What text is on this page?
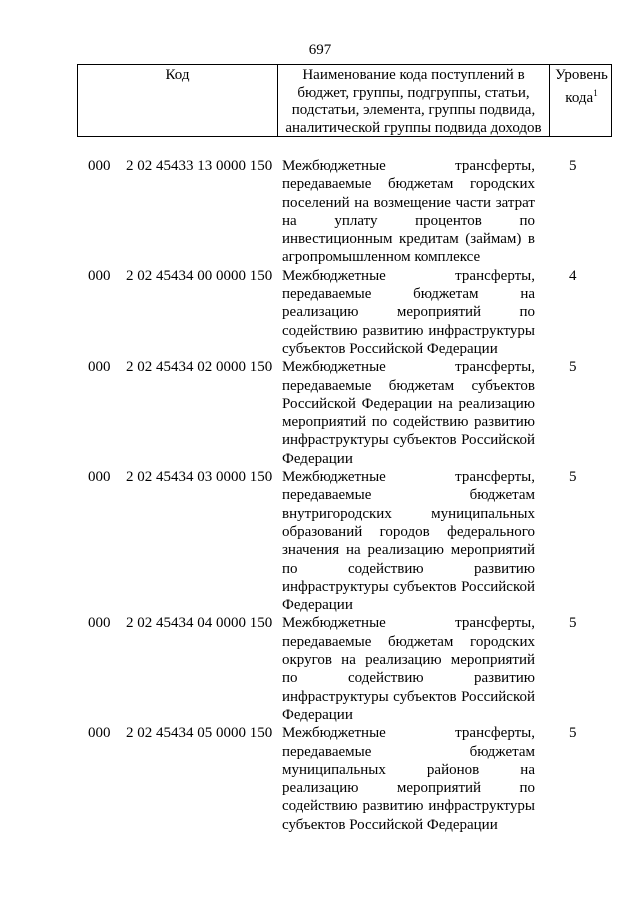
697
Код	Наименование кода поступлений в
бюджет, группы, подгруппы, статьи,
подстатьи, элемента, группы подвида,
аналитической группы подвида доходов
Уровень
кода$^1$
000 2 02 45433 13 0000 150 Межбюджетные трансферты, передаваемые бюджетам городских поселений на возмещение части затрат на уплату процентов по инвестиционным кредитам (займам) в агропромышленном комплексе
5
000 2 02 45434 00 0000 150 Межбюджетные трансферты, передаваемые бюджетам на реализацию мероприятий по содействию развитию инфраструктуры субъектов Российской Федерации
4
000 2 02 45434 02 0000 150 Межбюджетные трансферты, передаваемые бюджетам субъектов Российской Федерации на реализацию мероприятий по содействию развитию инфраструктуры субъектов Российской Федерации
5
000 2 02 45434 03 0000 150 Межбюджетные трансферты, передаваемые бюджетам внутригородских муниципальных образований городов федерального значения на реализацию мероприятий по содействию развитию инфраструктуры субъектов Российской Федерации
5
000 2 02 45434 04 0000 150 Межбюджетные трансферты, передаваемые бюджетам городских округов на реализацию мероприятий по содействию развитию инфраструктуры субъектов Российской Федерации
5
000 2 02 45434 05 0000 150 Межбюджетные трансферты, передаваемые бюджетам муниципальных районов на реализацию мероприятий по содействию развитию инфраструктуры субъектов Российской Федерации
5
